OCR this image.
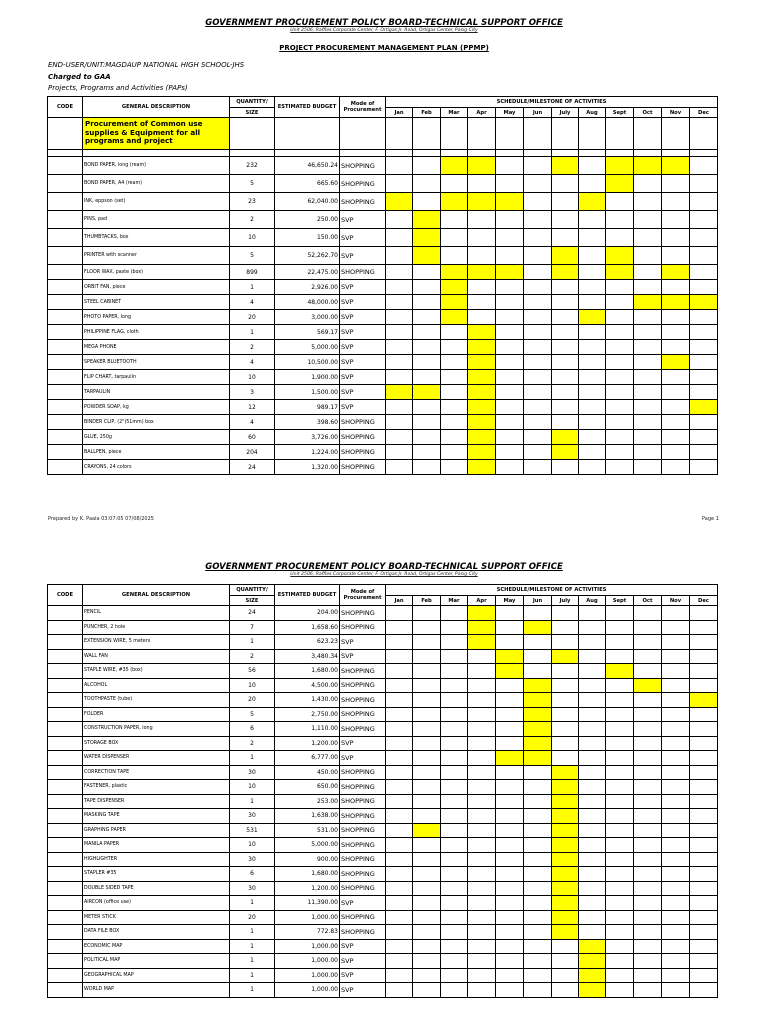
GOVERNMENT PROCUREMENT POLICY BOARD-TECHNICAL SUPPORT OFFICE
Unit 2506, Raffles Corporate Center, F. Ortigas Jr. Road, Ortigas Center, Pasig City
PROJECT PROCUREMENT MANAGEMENT PLAN (PPMP)
END-USER/UNIT:MAGDAUP NATIONAL HIGH SCHOOL-JHS
Charged to GAA
Projects, Programs and Activities (PAPs)
CODE	GENERAL DESCRIPTION	QUANTITY/	ESTIMATED BUDGET	Mode of
Procurement	SCHEDULE/MILESTONE OF ACTIVITIES											
		SIZE			Jan	Feb	Mar	Apr	May	Jun	July	Aug	Sept	Oct	Nov	Dec
	Procurement of Common use supplies & Equipment for all programs and project															

	BOND PAPER, long (ream)	232	46,650.24	SHOPPING												
	BOND PAPER, A4 (ream)	5	665.60	SHOPPING												
	INK, eppson (set)	23	62,040.00	SHOPPING												
	PINS, pad	2	250.00	SVP												
	THUMBTACKS, box	10	150.00	SVP												
	PRINTER with scanner	5	52,262.70	SVP												
	FLOOR WAX, paste (box)	899	22,475.00	SHOPPING												
	ORBIT FAN, piece	1	2,926.00	SVP												
	STEEL CABINET	4	48,000.00	SVP												
	PHOTO PAPER, long	20	3,000.00	SVP												
	PHILIPPINE FLAG, cloth	1	569.17	SVP												
	MEGA PHONE	2	5,000.00	SVP												
	SPEAKER BLUETOOTH	4	10,500.00	SVP												
	FLIP CHART, tarpaulin	10	1,900.00	SVP												
	TARPAULIN	3	1,500.00	SVP												
	POWDER SOAP, kg	12	989.17	SVP												
	BINDER CLIP, (2")51mm) box	4	398.60	SHOPPING												
	GLUE, 250g	60	3,726.00	SHOPPING												
	BALLPEN, piece	204	1,224.00	SHOPPING												
	CRAYONS, 24 colors	24	1,320.00	SHOPPING												
Prepared by K. Paala 03:07:05 07/08/2025	Page 1
GOVERNMENT PROCUREMENT POLICY BOARD-TECHNICAL SUPPORT OFFICE
Unit 2506, Raffles Corporate Center, F. Ortigas Jr. Road, Ortigas Center, Pasig City
CODE	GENERAL DESCRIPTION	QUANTITY/	ESTIMATED BUDGET	Mode of
Procurement	SCHEDULE/MILESTONE OF ACTIVITIES											
		SIZE			Jan	Feb	Mar	Apr	May	Jun	July	Aug	Sept	Oct	Nov	Dec
	PENCIL	24	204.00	SHOPPING												
	PUNCHER, 2 hole	7	1,658.60	SHOPPING												
	EXTENSION WIRE, 5 meters	1	623.23	SVP												
	WALL FAN	2	3,480.34	SVP												
	STAPLE WIRE, #35 (box)	56	1,680.00	SHOPPING												
	ALCOHOL	10	4,500.00	SHOPPING												
	TOOTHPASTE (tube)	20	1,430.00	SHOPPING												
	FOLDER	5	2,750.00	SHOPPING												
	CONSTRUCTION PAPER, long	6	1,110.00	SHOPPING												
	STORAGE BOX	2	1,200.00	SVP												
	WATER DISPENSER	1	6,777.00	SVP												
	CORRECTION TAPE	30	450.00	SHOPPING												
	FASTENER, plastic	10	650.00	SHOPPING												
	TAPE DISPENSER	1	253.00	SHOPPING												
	MASKING TAPE	30	1,638.00	SHOPPING												
	GRAPHING PAPER	531	531.00	SHOPPING												
	MANILA PAPER	10	5,000.00	SHOPPING												
	HIGHLIGHTER	30	900.00	SHOPPING												
	STAPLER #35	6	1,680.00	SHOPPING												
	DOUBLE SIDED TAPE	30	1,200.00	SHOPPING												
	AIRCON (office use)	1	11,390.00	SVP												
	METER STICK	20	1,000.00	SHOPPING												
	DATA FILE BOX	1	772.83	SHOPPING												
	ECONOMIC MAP	1	1,000.00	SVP												
	POLITICAL MAP	1	1,000.00	SVP												
	GEOGRAPHICAL MAP	1	1,000.00	SVP												
	WORLD MAP	1	1,000.00	SVP												
